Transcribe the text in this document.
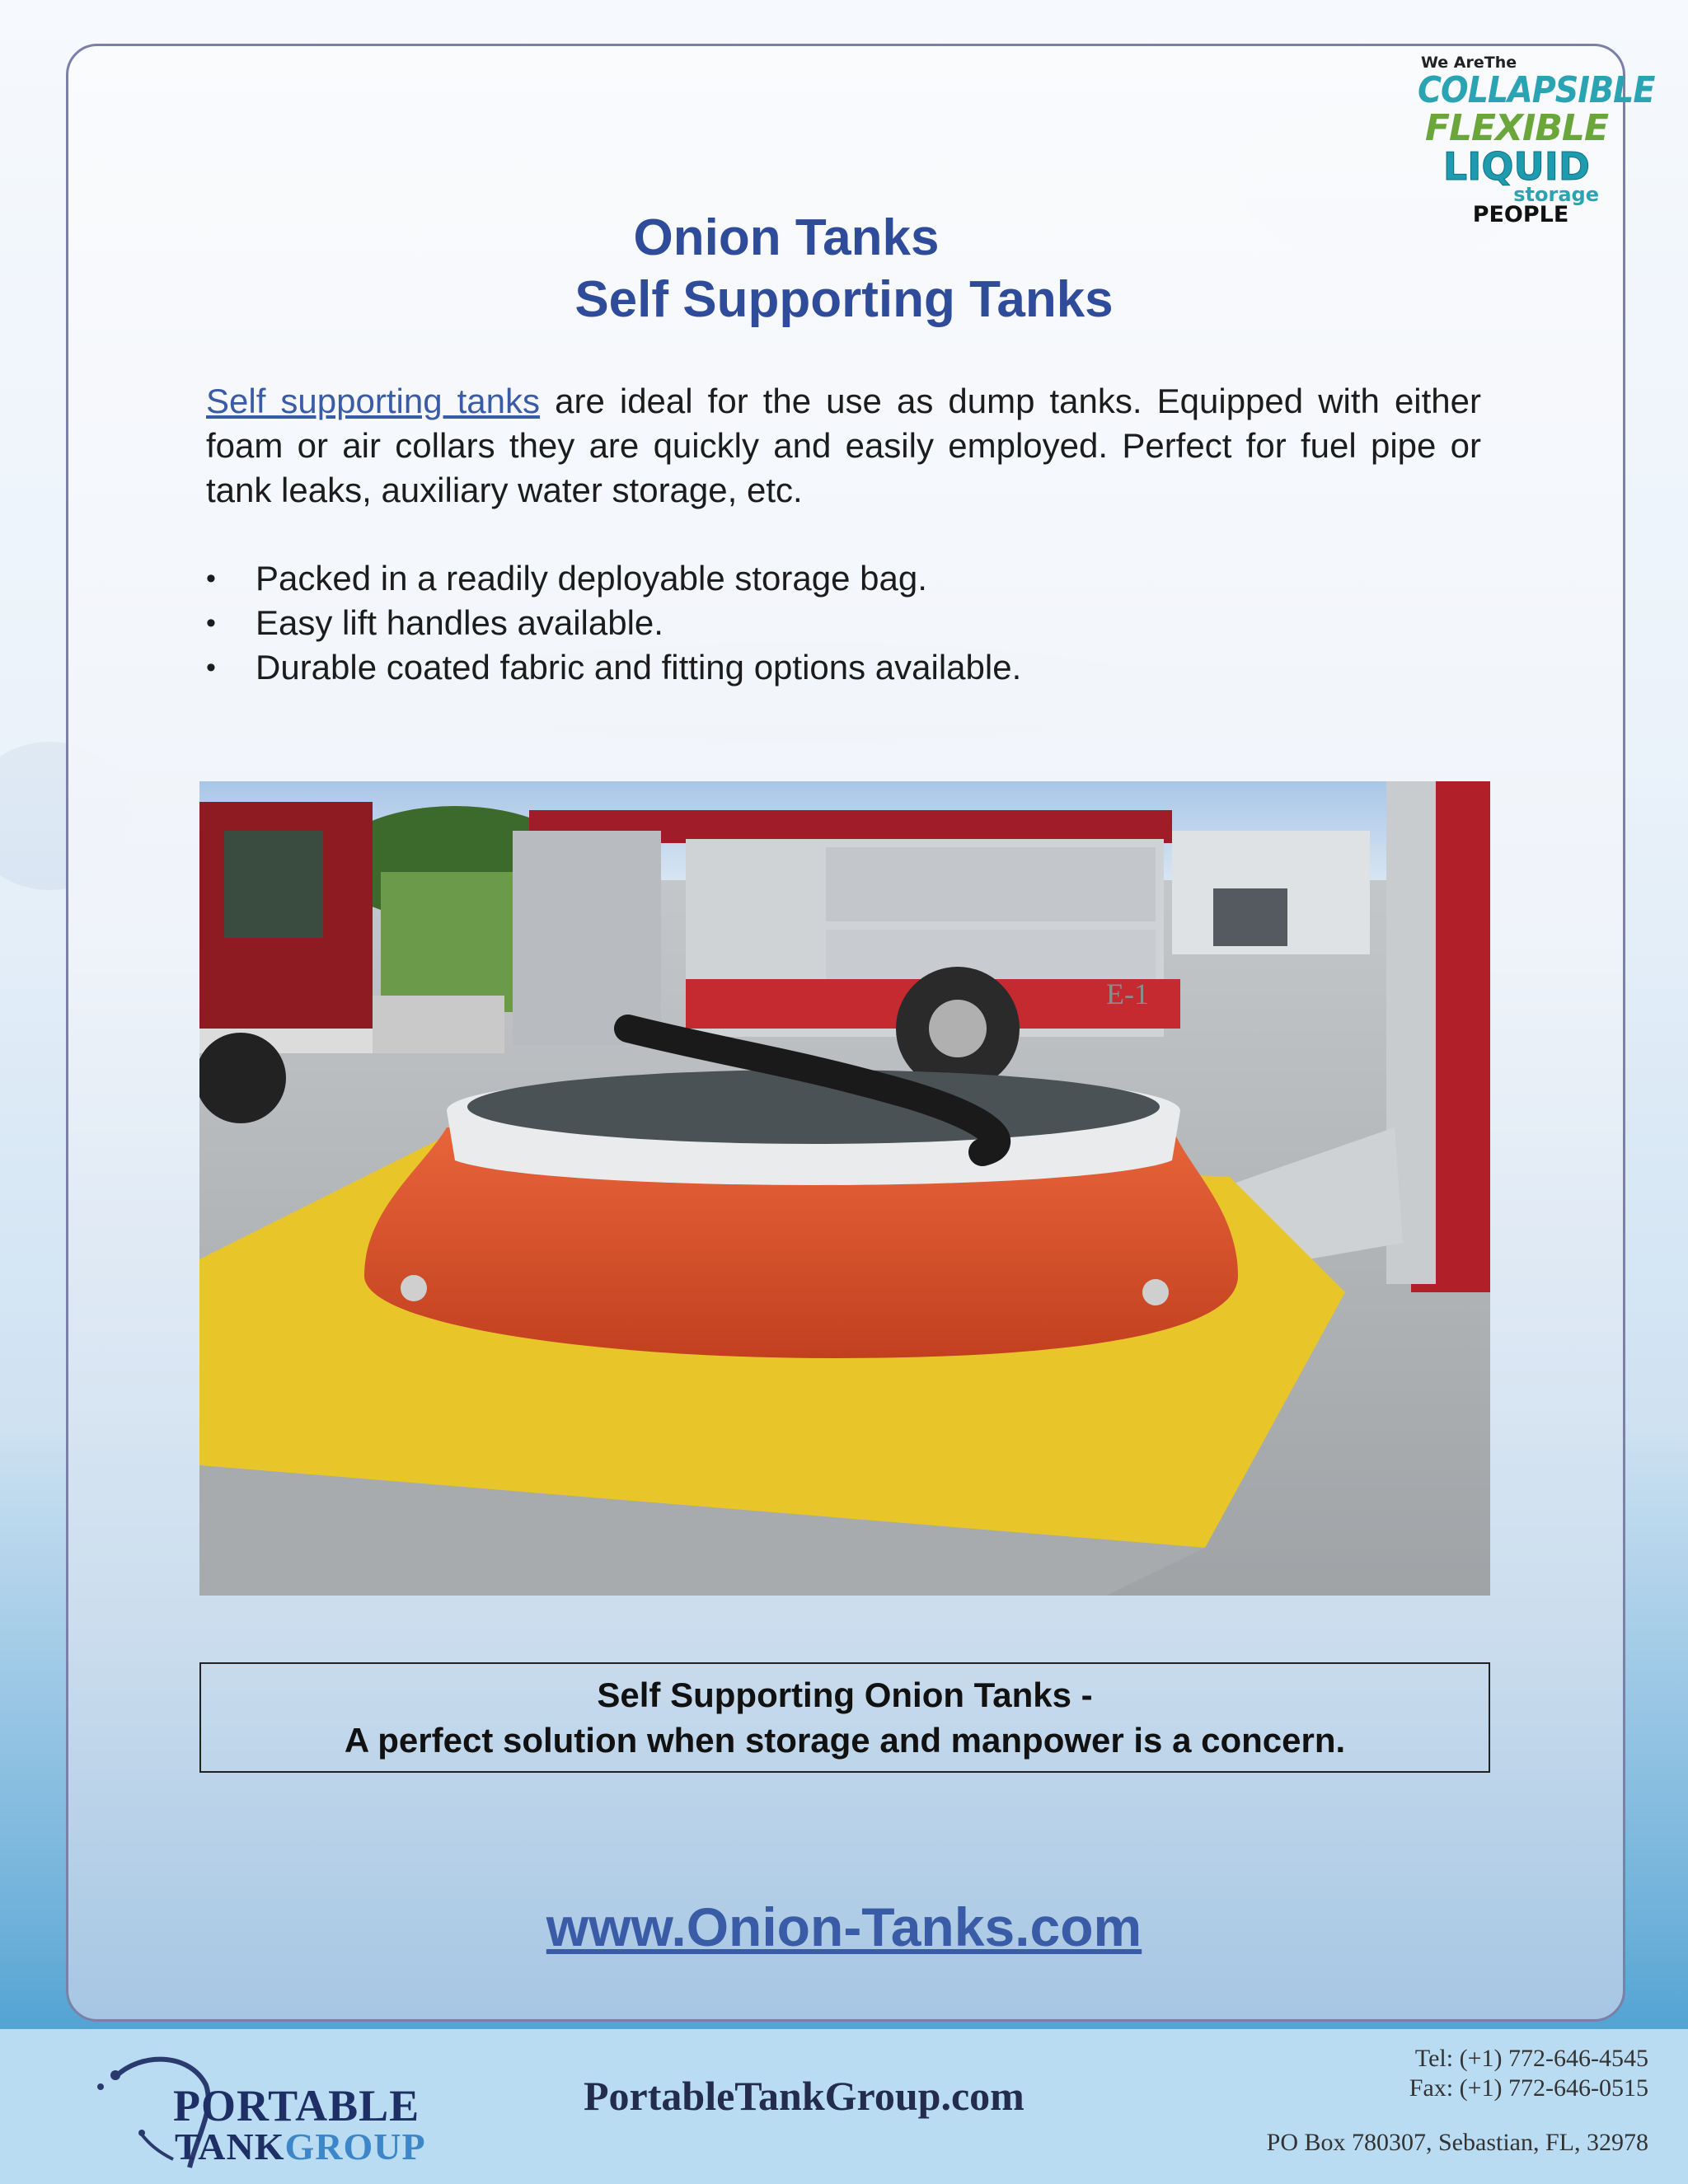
We AreThe
COLLAPSIBLE
FLEXIBLE
LIQUID
storage
PEOPLE
Onion Tanks
Self Supporting Tanks
Self supporting tanks are ideal for the use as dump tanks. Equipped with either foam or air collars they are quickly and easily employed. Perfect for fuel pipe or tank leaks, auxiliary water storage, etc.
• Packed in a readily deployable storage bag.
• Easy lift handles available.
• Durable coated fabric and fitting options available.
E-1
Self Supporting Onion Tanks -
A perfect solution when storage and manpower is a concern.
www.Onion-Tanks.com
PORTABLE
TANKGROUP
PortableTankGroup.com
Tel: (+1) 772-646-4545
Fax: (+1) 772-646-0515
PO Box 780307, Sebastian, FL, 32978
